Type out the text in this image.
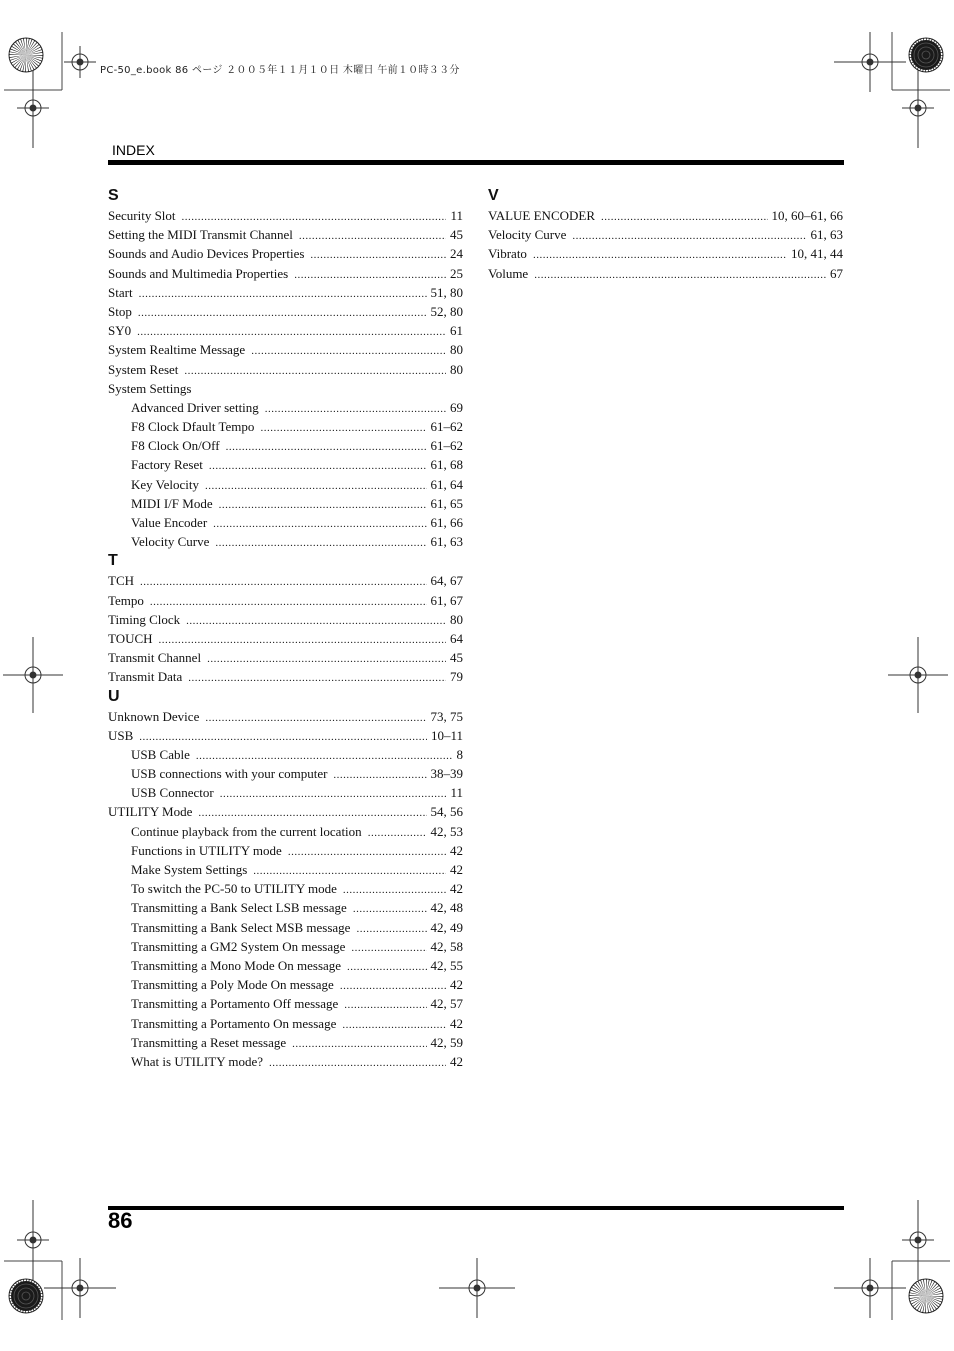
PC-50_e.book 86 ページ ２００５年１１月１０日 木曜日 午前１０時３３分
INDEX
S
Security Slot .....	11
Setting the MIDI Transmit Channel .....	45
Sounds and Audio Devices Properties .....	24
Sounds and Multimedia Properties .....	25
Start .....	51, 80
Stop .....	52, 80
SY0 .....	61
System Realtime Message .....	80
System Reset .....	80
System Settings
Advanced Driver setting .....	69
F8 Clock Dfault Tempo .....	61–62
F8 Clock On/Off .....	61–62
Factory Reset .....	61, 68
Key Velocity .....	61, 64
MIDI I/F Mode .....	61, 65
Value Encoder .....	61, 66
Velocity Curve .....	61, 63
T
TCH .....	64, 67
Tempo .....	61, 67
Timing Clock .....	80
TOUCH .....	64
Transmit Channel .....	45
Transmit Data .....	79
U
Unknown Device .....	73, 75
USB .....	10–11
USB Cable .....	8
USB connections with your computer .....	38–39
USB Connector .....	11
UTILITY Mode .....	54, 56
Continue playback from the current location .....	42, 53
Functions in UTILITY mode .....	42
Make System Settings .....	42
To switch the PC-50 to UTILITY mode .....	42
Transmitting a Bank Select LSB message .....	42, 48
Transmitting a Bank Select MSB message .....	42, 49
Transmitting a GM2 System On message .....	42, 58
Transmitting a Mono Mode On message .....	42, 55
Transmitting a Poly Mode On message .....	42
Transmitting a Portamento Off message .....	42, 57
Transmitting a Portamento On message .....	42
Transmitting a Reset message .....	42, 59
What is UTILITY mode? .....	42
V
VALUE ENCODER .....	10, 60–61, 66
Velocity Curve .....	61, 63
Vibrato .....	10, 41, 44
Volume .....	67
86
